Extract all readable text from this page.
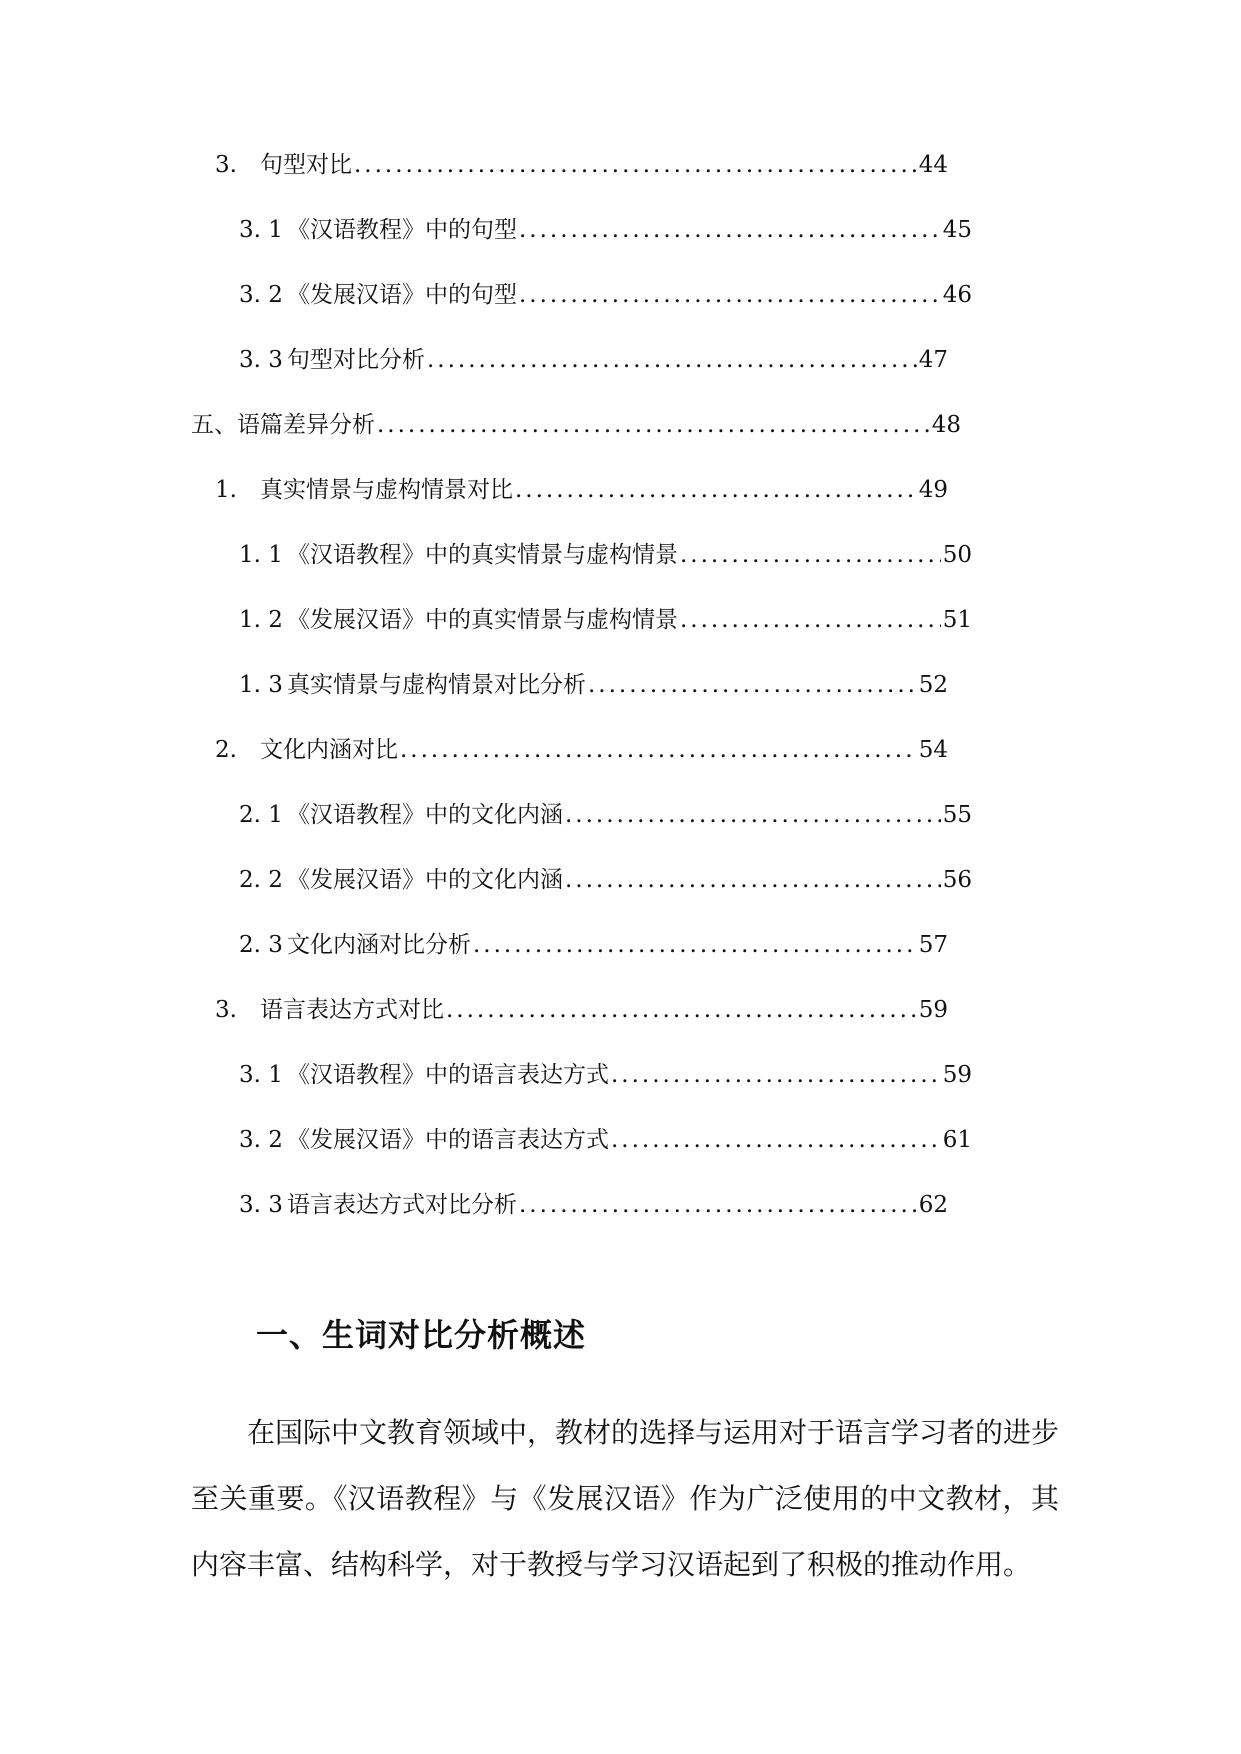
3.	句型对比 .....	44
3. 1 《汉语教程》中的句型 .....	45
3. 2 《发展汉语》中的句型 .....	46
3. 3 句型对比分析 .....	47
五、语篇差异分析 .....	48
1.	真实情景与虚构情景对比 .....	49
1. 1 《汉语教程》中的真实情景与虚构情景 .....	50
1. 2 《发展汉语》中的真实情景与虚构情景 .....	51
1. 3 真实情景与虚构情景对比分析 .....	52
2.	文化内涵对比 .....	54
2. 1 《汉语教程》中的文化内涵 .....	55
2. 2 《发展汉语》中的文化内涵 .....	56
2. 3 文化内涵对比分析 .....	57
3.	语言表达方式对比 .....	59
3. 1 《汉语教程》中的语言表达方式 .....	59
3. 2 《发展汉语》中的语言表达方式 .....	61
3. 3 语言表达方式对比分析 .....	62
一、生词对比分析概述

在国际中文教育领域中，教材的选择与运用对于语言学习者的进步至关重要。《汉语教程》与《发展汉语》作为广泛使用的中文教材，其内容丰富、结构科学，对于教授与学习汉语起到了积极的推动作用。
